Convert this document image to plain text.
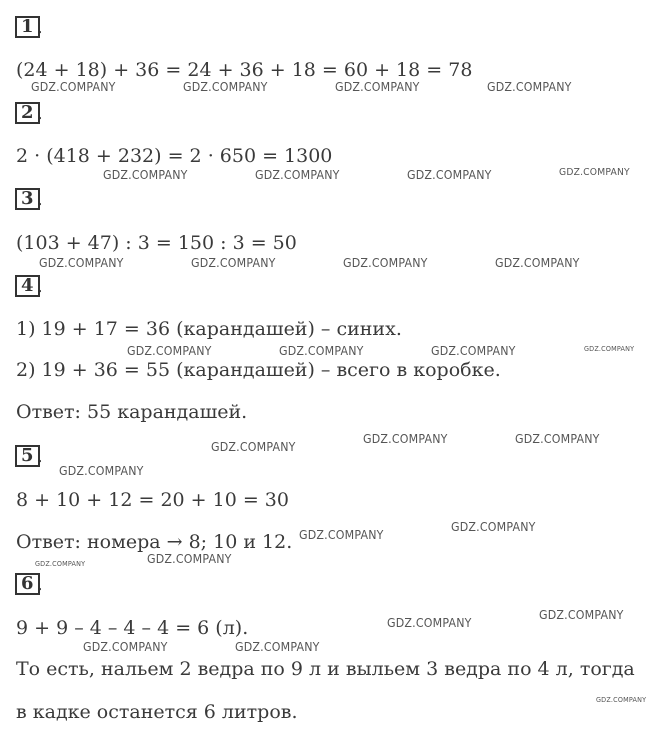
1 .
(24 + 18) + 36 = 24 + 36 + 18 = 60 + 18 = 78
2 .
2 · (418 + 232) = 2 · 650 = 1300
3 .
(103 + 47) : 3 = 150 : 3 = 50
4 .
1) 19 + 17 = 36 (карандашей) – синих.
2) 19 + 36 = 55 (карандашей) – всего в коробке.
Ответ: 55 карандашей.
5 .
8 + 10 + 12 = 20 + 10 = 30
Ответ: номера → 8; 10 и 12.
6 .
9 + 9 – 4 – 4 – 4 = 6 (л).
То есть, нальем 2 ведра по 9 л и выльем 3 ведра по 4 л, тогда
в кадке останется 6 литров.
GDZ.COMPANY	GDZ.COMPANY	GDZ.COMPANY	GDZ.COMPANY
GDZ.COMPANY	GDZ.COMPANY	GDZ.COMPANY	GDZ.COMPANY
GDZ.COMPANY	GDZ.COMPANY	GDZ.COMPANY	GDZ.COMPANY
GDZ.COMPANY	GDZ.COMPANY	GDZ.COMPANY	GDZ.COMPANY
GDZ.COMPANY
GDZ.COMPANY	GDZ.COMPANY
GDZ.COMPANY
GDZ.COMPANY
GDZ.COMPANY
GDZ.COMPANY	GDZ.COMPANY
GDZ.COMPANY
GDZ.COMPANY
GDZ.COMPANY	GDZ.COMPANY
GDZ.COMPANY
